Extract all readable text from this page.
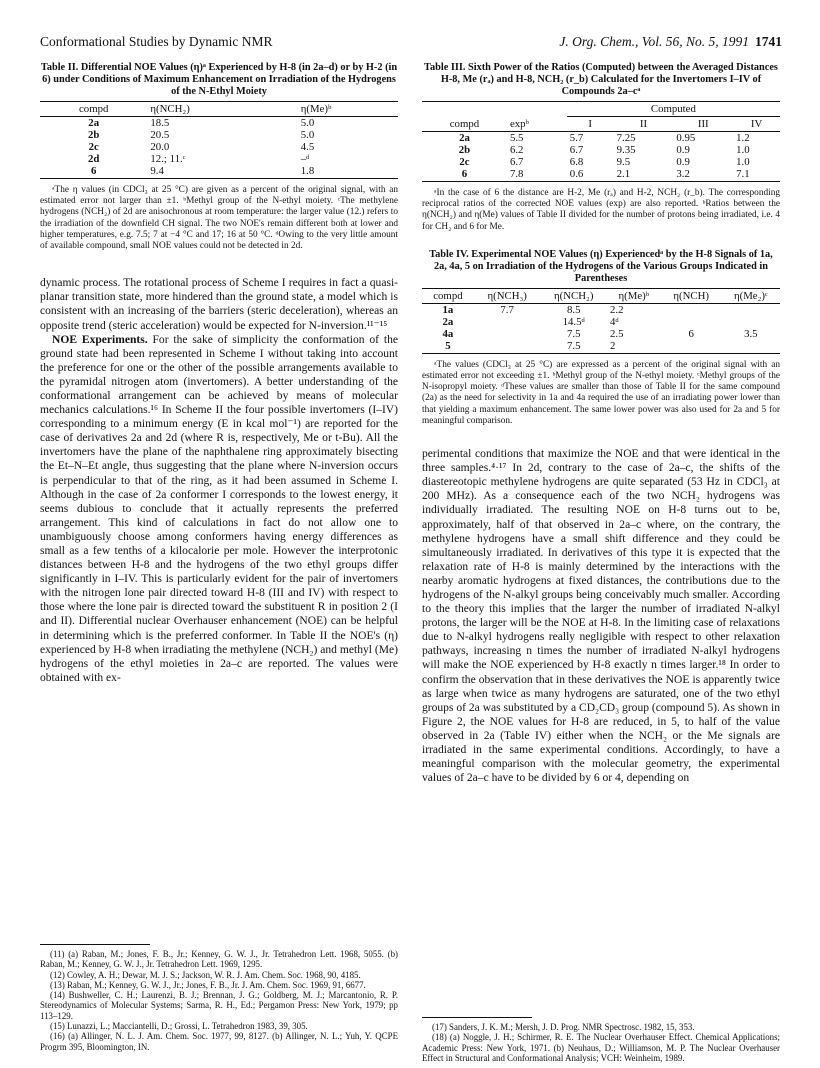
Conformational Studies by Dynamic NMR	J. Org. Chem., Vol. 56, No. 5, 1991 1741
Table II. Differential NOE Values (η)ᵃ Experienced by H-8 (in 2a–d) or by H-2 (in 6) under Conditions of Maximum Enhancement on Irradiation of the Hydrogens of the N-Ethyl Moiety
compd	η(NCH₂)	η(Me)ᵇ
2a	18.5	5.0
2b	20.5	5.0
2c	20.0	4.5
2d	12.; 11.ᶜ	–ᵈ
6	9.4	1.8

ᵃThe η values (in CDCl₃ at 25 °C) are given as a percent of the original signal, with an estimated error not larger than ±1. ᵇMethyl group of the N-ethyl moiety. ᶜThe methylene hydrogens (NCH₂) of 2d are anisochronous at room temperature: the larger value (12.) refers to the irradiation of the downfield CH signal. The two NOE's remain different both at lower and higher temperatures, e.g. 7.5; 7 at −4 °C and 17; 16 at 50 °C. ᵈOwing to the very little amount of available compound, small NOE values could not be detected in 2d.

dynamic process. The rotational process of Scheme I requires in fact a quasi-planar transition state, more hindered than the ground state, a model which is consistent with an increasing of the barriers (steric deceleration), whereas an opposite trend (steric acceleration) would be expected for N-inversion.¹¹⁻¹⁵

NOE Experiments. For the sake of simplicity the conformation of the ground state had been represented in Scheme I without taking into account the preference for one or the other of the possible arrangements available to the pyramidal nitrogen atom (invertomers). A better understanding of the conformational arrangement can be achieved by means of molecular mechanics calculations.¹⁶ In Scheme II the four possible invertomers (I–IV) corresponding to a minimum energy (E in kcal mol⁻¹) are reported for the case of derivatives 2a and 2d (where R is, respectively, Me or t-Bu). All the invertomers have the plane of the naphthalene ring approximately bisecting the Et–N–Et angle, thus suggesting that the plane where N-inversion occurs is perpendicular to that of the ring, as it had been assumed in Scheme I. Although in the case of 2a conformer I corresponds to the lowest energy, it seems dubious to conclude that it actually represents the preferred arrangement. This kind of calculations in fact do not allow one to unambiguously choose among conformers having energy differences as small as a few tenths of a kilocalorie per mole. However the interprotonic distances between H-8 and the hydrogens of the two ethyl groups differ significantly in I–IV. This is particularly evident for the pair of invertomers with the nitrogen lone pair directed toward H-8 (III and IV) with respect to those where the lone pair is directed toward the substituent R in position 2 (I and II). Differential nuclear Overhauser enhancement (NOE) can be helpful in determining which is the preferred conformer. In Table II the NOE's (η) experienced by H-8 when irradiating the methylene (NCH₂) and methyl (Me) hydrogens of the ethyl moieties in 2a–c are reported. The values were obtained with ex-

(11) (a) Raban, M.; Jones, F. B., Jr.; Kenney, G. W. J., Jr. Tetrahedron Lett. 1968, 5055. (b) Raban, M.; Kenney, G. W. J., Jr. Tetrahedron Lett. 1969, 1295.

(12) Cowley, A. H.; Dewar, M. J. S.; Jackson, W. R. J. Am. Chem. Soc. 1968, 90, 4185.

(13) Raban, M.; Kenney, G. W. J., Jr.; Jones, F. B., Jr. J. Am. Chem. Soc. 1969, 91, 6677.

(14) Bushweller, C. H.; Laurenzi, B. J.; Brennan, J. G.; Goldberg, M. J.; Marcantonio, R. P. Stereodynamics of Molecular Systems; Sarma, R. H., Ed.; Pergamon Press: New York, 1979; pp 113–129.

(15) Lunazzi, L.; Macciantelli, D.; Grossi, L. Tetrahedron 1983, 39, 305.

(16) (a) Allinger, N. L. J. Am. Chem. Soc. 1977, 99, 8127. (b) Allinger, N. L.; Yuh, Y. QCPE Progrm 395, Bloomington, IN.

Table III. Sixth Power of the Ratios (Computed) between the Averaged Distances H-8, Me (rₐ) and H-8, NCH₂ (r_b) Calculated for the Invertomers I–IV of Compounds 2a–cᵃ
		Computed			
compd	expᵇ	I	II	III	IV
2a	5.5	5.7	7.25	0.95	1.2
2b	6.2	6.7	9.35	0.9	1.0
2c	6.7	6.8	9.5	0.9	1.0
6	7.8	0.6	2.1	3.2	7.1

ᵃIn the case of 6 the distance are H-2, Me (rₐ) and H-2, NCH₂ (r_b). The corresponding reciprocal ratios of the corrected NOE values (exp) are also reported. ᵇRatios between the η(NCH₂) and η(Me) values of Table II divided for the number of protons being irradiated, i.e. 4 for CH₂ and 6 for Me.

Table IV. Experimental NOE Values (η) Experiencedᵃ by the H-8 Signals of 1a, 2a, 4a, 5 on Irradiation of the Hydrogens of the Various Groups Indicated in Parentheses
compd	η(NCH₃)	η(NCH₂)	η(Me)ᵇ	η(NCH)	η(Me₂)ᶜ
1a	7.7	8.5	2.2		
2a		14.5ᵈ	4ᵈ		
4a		7.5	2.5	6	3.5
5		7.5	2		

ᵃThe values (CDCl₃ at 25 °C) are expressed as a percent of the original signal with an estimated error not exceeding ±1. ᵇMethyl group of the N-ethyl moiety. ᶜMethyl groups of the N-isopropyl moiety. ᵈThese values are smaller than those of Table II for the same compound (2a) as the need for selectivity in 1a and 4a required the use of an irradiating power lower than that yielding a maximum enhancement. The same lower power was also used for 2a and 5 for meaningful comparison.

perimental conditions that maximize the NOE and that were identical in the three samples.⁴·¹⁷ In 2d, contrary to the case of 2a–c, the shifts of the diastereotopic methylene hydrogens are quite separated (53 Hz in CDCl₃ at 200 MHz). As a consequence each of the two NCH₂ hydrogens was individually irradiated. The resulting NOE on H-8 turns out to be, approximately, half of that observed in 2a–c where, on the contrary, the methylene hydrogens have a small shift difference and they could be simultaneously irradiated. In derivatives of this type it is expected that the relaxation rate of H-8 is mainly determined by the interactions with the nearby aromatic hydrogens at fixed distances, the contributions due to the hydrogens of the N-alkyl groups being conceivably much smaller. According to the theory this implies that the larger the number of irradiated N-alkyl protons, the larger will be the NOE at H-8. In the limiting case of relaxations due to N-alkyl hydrogens really negligible with respect to other relaxation pathways, increasing n times the number of irradiated N-alkyl hydrogens will make the NOE experienced by H-8 exactly n times larger.¹⁸ In order to confirm the observation that in these derivatives the NOE is apparently twice as large when twice as many hydrogens are saturated, one of the two ethyl groups of 2a was substituted by a CD₂CD₃ group (compound 5). As shown in Figure 2, the NOE values for H-8 are reduced, in 5, to half of the value observed in 2a (Table IV) either when the NCH₂ or the Me signals are irradiated in the same experimental conditions. Accordingly, to have a meaningful comparison with the molecular geometry, the experimental values of 2a–c have to be divided by 6 or 4, depending on

(17) Sanders, J. K. M.; Mersh, J. D. Prog. NMR Spectrosc. 1982, 15, 353.

(18) (a) Noggle, J. H.; Schirmer, R. E. The Nuclear Overhauser Effect. Chemical Applications; Academic Press: New York, 1971. (b) Neuhaus, D.; Williamson, M. P. The Nuclear Overhauser Effect in Structural and Conformational Analysis; VCH: Weinheim, 1989.
